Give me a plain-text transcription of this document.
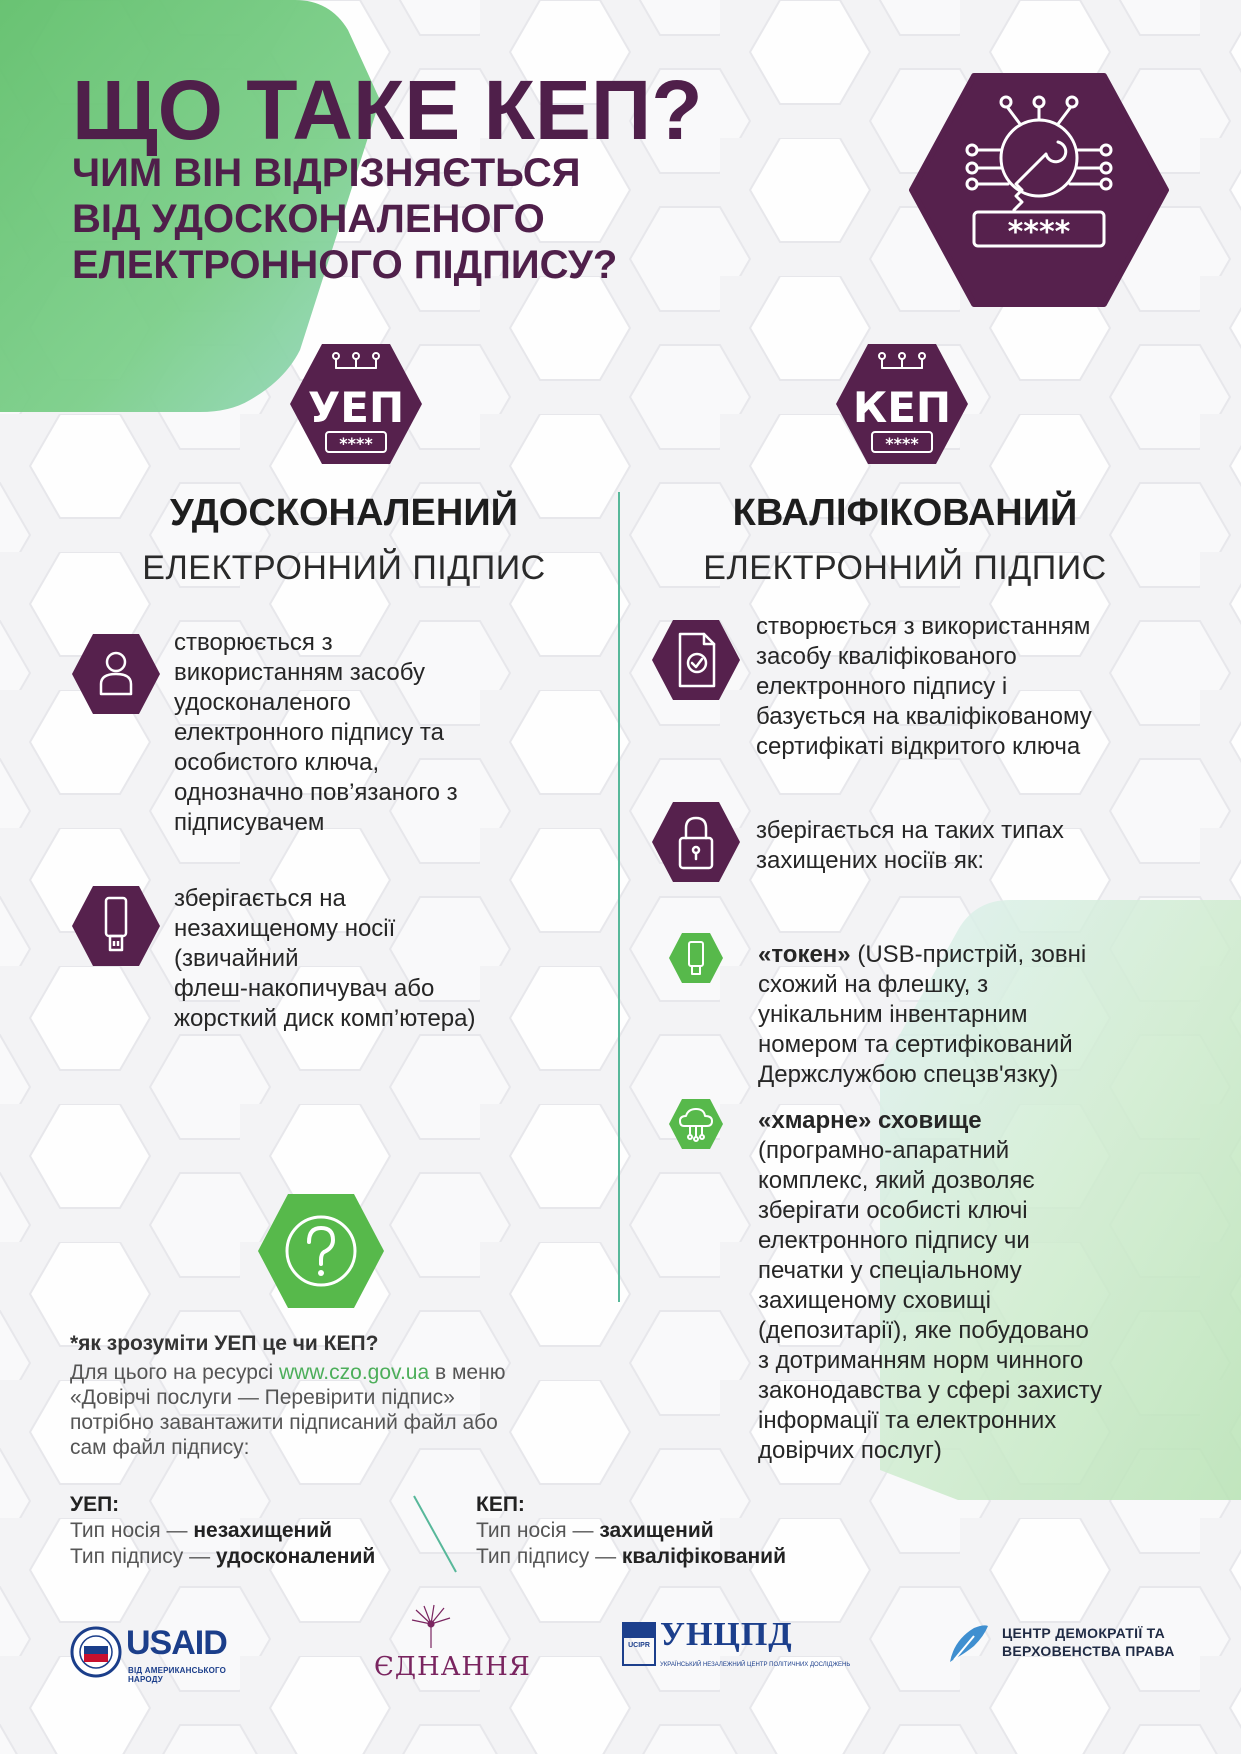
ЩО ТАКЕ КЕП?
ЧИМ ВІН ВІДРІЗНЯЄТЬСЯ
ВІД УДОСКОНАЛЕНОГО
ЕЛЕКТРОННОГО ПІДПИСУ?
****
УЕП
****
КЕП
****
УДОСКОНАЛЕНИЙ
ЕЛЕКТРОННИЙ ПІДПИС
КВАЛІФІКОВАНИЙ
ЕЛЕКТРОННИЙ ПІДПИС
створюється з
використанням засобу
удосконаленого
електронного підпису та
особистого ключа,
однозначно пов’язаного з
підписувачем
зберігається на
незахищеному носії
(звичайний
флеш-накопичувач або
жорсткий диск комп’ютера)
створюється з використанням
засобу кваліфікованого
електронного підпису і
базується на кваліфікованому
сертифікаті відкритого ключа
зберігається на таких типах
захищених носіїв як:
«токен» (USB-пристрій, зовні
схожий на флешку, з
унікальним інвентарним
номером та сертифікований
Держслужбою спецзв'язку)
«хмарне» сховище
(програмно-апаратний
комплекс, який дозволяє
зберігати особисті ключі
електронного підпису чи
печатки у спеціальному
захищеному сховищі
(депозитарії), яке побудовано
з дотриманням норм чинного
законодавства у сфері захисту
інформації та електронних
довірчих послуг)
*як зрозуміти УЕП це чи КЕП?
Для цього на ресурсі www.czo.gov.ua в меню
«Довірчі послуги — Перевірити підпис»
потрібно завантажити підписаний файл або
сам файл підпису:
УЕП:
Тип носія — незахищений
Тип підпису — удосконалений
КЕП:
Тип носія — захищений
Тип підпису — кваліфікований
USAID
ВІД АМЕРИКАНСЬКОГО НАРОДУ	ЄДНАННЯ
UCIPR УНЦПД
УКРАЇНСЬКИЙ НЕЗАЛЕЖНИЙ ЦЕНТР ПОЛІТИЧНИХ ДОСЛІДЖЕНЬ
ЦЕНТР ДЕМОКРАТІЇ ТА
ВЕРХОВЕНСТВА ПРАВА
